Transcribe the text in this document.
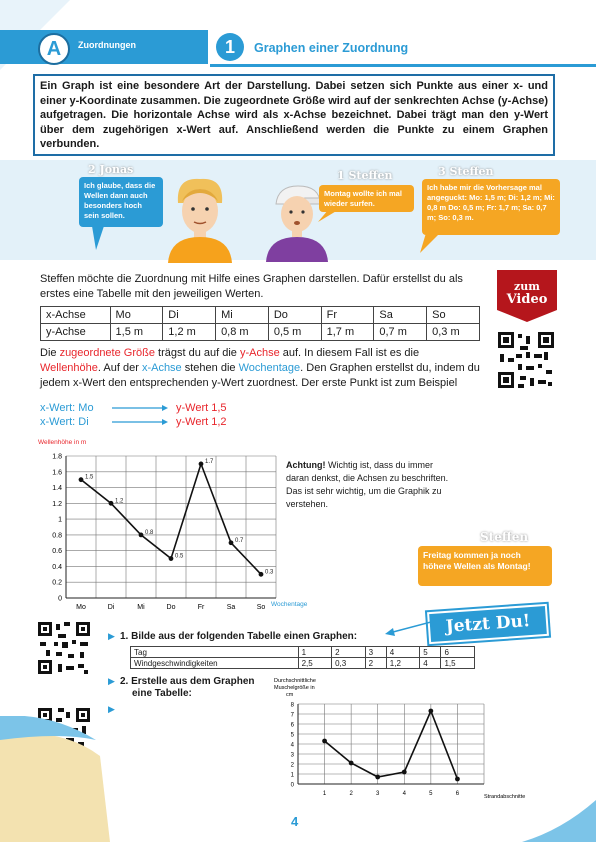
A	Zuordnungen	1	Graphen einer Zuordnung
Ein Graph ist eine besondere Art der Darstellung. Dabei setzen sich Punkte aus einer x- und einer y-Koordinate zusammen. Die zugeordnete Größe wird auf der senkrechten Achse (y-Achse) aufgetragen. Die horizontale Achse wird als x-Achse bezeichnet. Dabei trägt man den y-Wert über dem zugehörigen x-Wert auf. Anschließend werden die Punkte zu einem Graphen verbunden.
2 Jonas
Ich glaube, dass die Wellen dann auch besonders hoch sein sollen.
1 Steffen
Montag wollte ich mal wieder surfen.
3 Steffen
Ich habe mir die Vorhersage mal angeguckt: Mo: 1,5 m; Di: 1,2 m; Mi: 0,8 m Do: 0,5 m; Fr: 1,7 m; Sa: 0,7 m; So: 0,3 m.
Steffen möchte die Zuordnung mit Hilfe eines Graphen darstellen. Dafür erstellst du als erstes eine Tabelle mit den jeweiligen Werten.
zum
Video
x-Achse	Mo	Di	Mi	Do	Fr	Sa	So
y-Achse	1,5 m	1,2 m	0,8 m	0,5 m	1,7 m	0,7 m	0,3 m
Die zugeordnete Größe trägst du auf die y-Achse auf. In diesem Fall ist es die Wellenhöhe. Auf der x-Achse stehen die Wochentage. Den Graphen erstellst du, indem du jedem x-Wert den entsprechenden y-Wert zuordnest. Der erste Punkt ist zum Beispiel
x-Wert: Mo	y-Wert 1,5
x-Wert: Di	y-Wert 1,2
Wellenhöhe in m
Wochentage
0
0.2
0.4
0.6
0.8
1
1.2
1.4
1.6
1.8
Mo	Di	Mi	Do	Fr	Sa	So
1.5
1.2
0.8
0.5
1.7
0.7
0.3
Achtung! Wichtig ist, dass du immer daran denkst, die Achsen zu beschriften. Das ist sehr wichtig, um die Graphik zu verstehen.
Steffen
Freitag kommen ja noch höhere Wellen als Montag!
Jetzt Du!
▶
▶
▶
1. Bilde aus der folgenden Tabelle einen Graphen:
Tag	1	2	3	4	5	6
Windgeschwindigkeiten	2,5	0,3	2	1,2	4	1,5
2. Erstelle aus dem Graphen
eine Tabelle:
Durchschnittliche
Muschelgröße in
cm
Strandabschnitte
0
1
2
3
4
5
6
7
8
1	2	3	4	5	6
4
